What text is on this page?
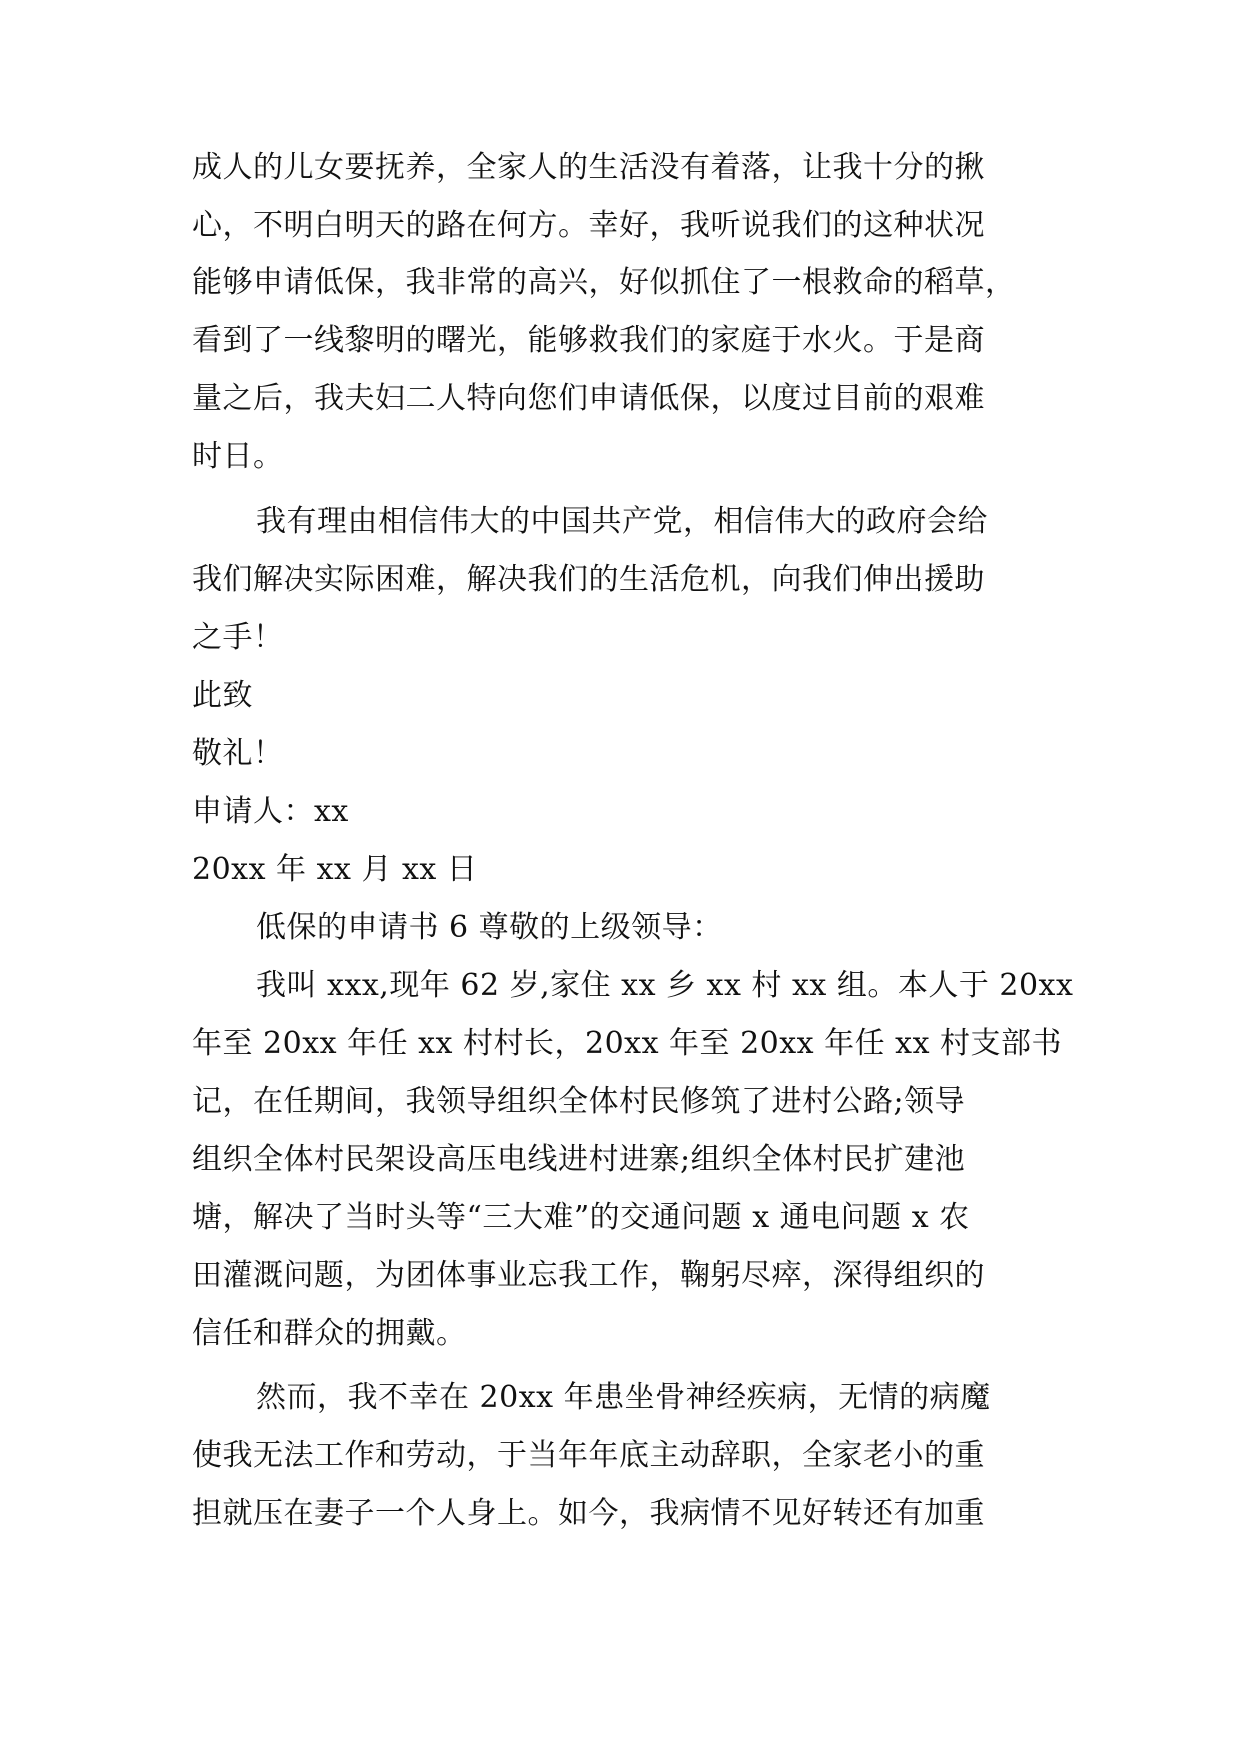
成人的儿女要抚养，全家人的生活没有着落，让我十分的揪
心，不明白明天的路在何方。幸好，我听说我们的这种状况
能够申请低保，我非常的高兴，好似抓住了一根救命的稻草，
看到了一线黎明的曙光，能够救我们的家庭于水火。于是商
量之后，我夫妇二人特向您们申请低保，以度过目前的艰难
时日。
我有理由相信伟大的中国共产党，相信伟大的政府会给
我们解决实际困难，解决我们的生活危机，向我们伸出援助
之手！
此致
敬礼！
申请人：xx
20xx 年 xx 月 xx 日
低保的申请书 6 尊敬的上级领导：
我叫 xxx,现年 62 岁,家住 xx 乡 xx 村 xx 组。本人于 20xx
年至 20xx 年任 xx 村村长，20xx 年至 20xx 年任 xx 村支部书
记，在任期间，我领导组织全体村民修筑了进村公路;领导
组织全体村民架设高压电线进村进寨;组织全体村民扩建池
塘，解决了当时头等“三大难”的交通问题 x 通电问题 x 农
田灌溉问题，为团体事业忘我工作，鞠躬尽瘁，深得组织的
信任和群众的拥戴。
然而，我不幸在 20xx 年患坐骨神经疾病，无情的病魔
使我无法工作和劳动，于当年年底主动辞职，全家老小的重
担就压在妻子一个人身上。如今，我病情不见好转还有加重
